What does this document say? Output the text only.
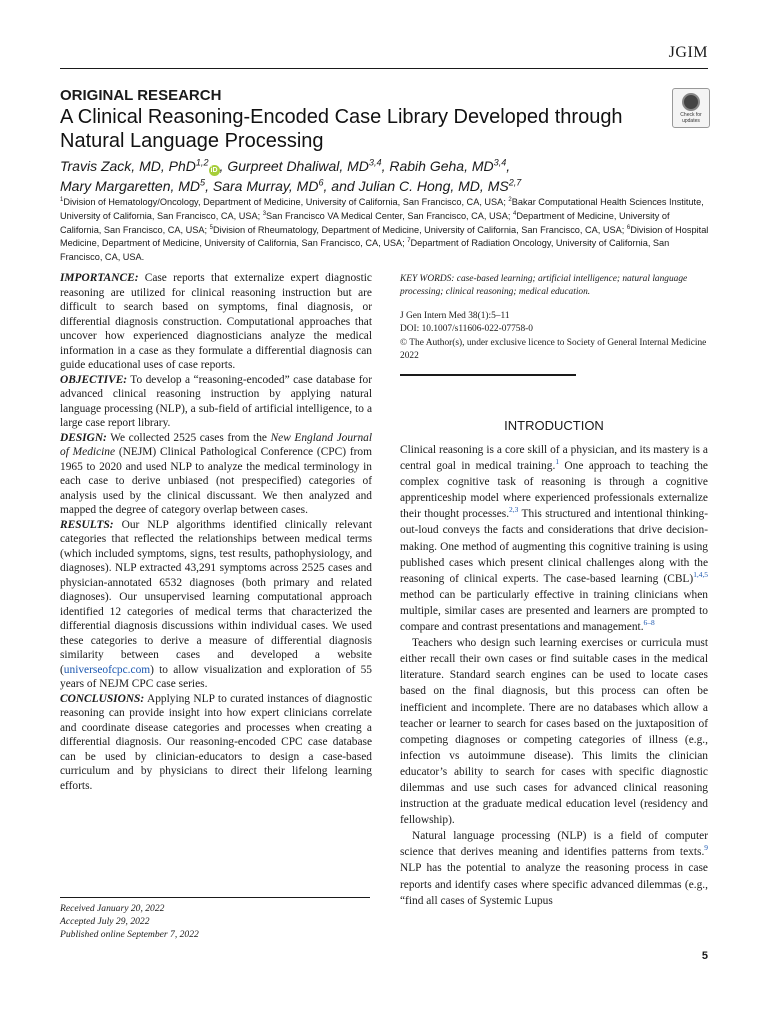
JGIM
ORIGINAL RESEARCH
A Clinical Reasoning-Encoded Case Library Developed through Natural Language Processing
Check for updates
Travis Zack, MD, PhD$^{1,2}$iD , Gurpreet Dhaliwal, MD$^{3,4}$, Rabih Geha, MD$^{3,4}$,
Mary Margaretten, $MD^5$, Sara Murray, $MD^6$, and Julian C. Hong, MD, MS$^{2,7}$

$^1$Division of Hematology/Oncology, Department of Medicine, University of California, San Francisco, CA, USA; $^2$Bakar Computational Health Sciences Institute, University of California, San Francisco, CA, USA; $^3$San Francisco VA Medical Center, San Francisco, CA, USA; $^4$Department of Medicine, University of California, San Francisco, CA, USA; $^5$Division of Rheumatology, Department of Medicine, University of California, San Francisco, CA, USA; $^6$Division of Hospital Medicine, Department of Medicine, University of California, San Francisco, CA, USA; $^7$Department of Radiation Oncology, University of California, San Francisco, CA, USA.

IMPORTANCE: Case reports that externalize expert diagnostic reasoning are utilized for clinical reasoning instruction but are difficult to search based on symptoms, final diagnosis, or differential diagnosis construction. Computational approaches that uncover how experienced diagnosticians analyze the medical information in a case as they formulate a differential diagnosis can guide educational uses of case reports.

OBJECTIVE: To develop a “reasoning-encoded” case database for advanced clinical reasoning instruction by applying natural language processing (NLP), a sub-field of artificial intelligence, to a large case report library.

DESIGN: We collected 2525 cases from the New England Journal of Medicine (NEJM) Clinical Pathological Conference (CPC) from 1965 to 2020 and used NLP to analyze the medical terminology in each case to derive unbiased (not prespecified) categories of analysis used by the clinical discussant. We then analyzed and mapped the degree of category overlap between cases.

RESULTS: Our NLP algorithms identified clinically relevant categories that reflected the relationships between medical terms (which included symptoms, signs, test results, pathophysiology, and diagnoses). NLP extracted 43,291 symptoms across 2525 cases and physician-annotated 6532 diagnoses (both primary and related diagnoses). Our unsupervised learning computational approach identified 12 categories of medical terms that characterized the differential diagnosis discussions within individual cases. We used these categories to derive a measure of differential diagnosis similarity between cases and developed a website (universeofcpc.com) to allow visualization and exploration of 55 years of NEJM CPC case series.

CONCLUSIONS: Applying NLP to curated instances of diagnostic reasoning can provide insight into how expert clinicians correlate and coordinate disease categories and processes when creating a differential diagnosis. Our reasoning-encoded CPC case database can be used by clinician-educators to design a case-based curriculum and by physicians to direct their lifelong learning efforts.

Received January 20, 2022
Accepted July 29, 2022
Published online September 7, 2022

KEY WORDS: case-based learning; artificial intelligence; natural language processing; clinical reasoning; medical education.

J Gen Intern Med 38(1):5–11
DOI: 10.1007/s11606-022-07758-0
© The Author(s), under exclusive licence to Society of General Internal Medicine 2022
INTRODUCTION

Clinical reasoning is a core skill of a physician, and its mastery is a central goal in medical training.$^1$ One approach to teaching the complex cognitive task of reasoning is through a cognitive apprenticeship model where experienced professionals externalize their thought processes.$^{2,3}$ This structured and intentional thinking-out-loud conveys the facts and considerations that drive decision-making. One method of augmenting this cognitive training is using published cases which present clinical challenges along with the reasoning of clinical experts. The case-based learning (CBL)$^{1,4,5}$ method can be particularly effective in training clinicians when multiple, similar cases are presented and learners are prompted to compare and contrast presentations and management.$^{6-8}$

Teachers who design such learning exercises or curricula must either recall their own cases or find suitable cases in the medical literature. Standard search engines can be used to locate cases based on the final diagnosis, but this process can often be inefficient and incomplete. There are no databases which allow a teacher or learner to search for cases based on the juxtaposition of competing diagnoses or competing categories of illness (e.g., infection vs autoimmune disease). This limits the clinician educator’s ability to search for cases with specific diagnostic dilemmas and use such cases for advanced clinical reasoning instruction at the graduate medical education level (residency and fellowship).

Natural language processing (NLP) is a field of computer science that derives meaning and identifies patterns from texts.$^9$ NLP has the potential to analyze the reasoning process in case reports and identify cases where specific advanced dilemmas (e.g., “find all cases of Systemic Lupus

5
